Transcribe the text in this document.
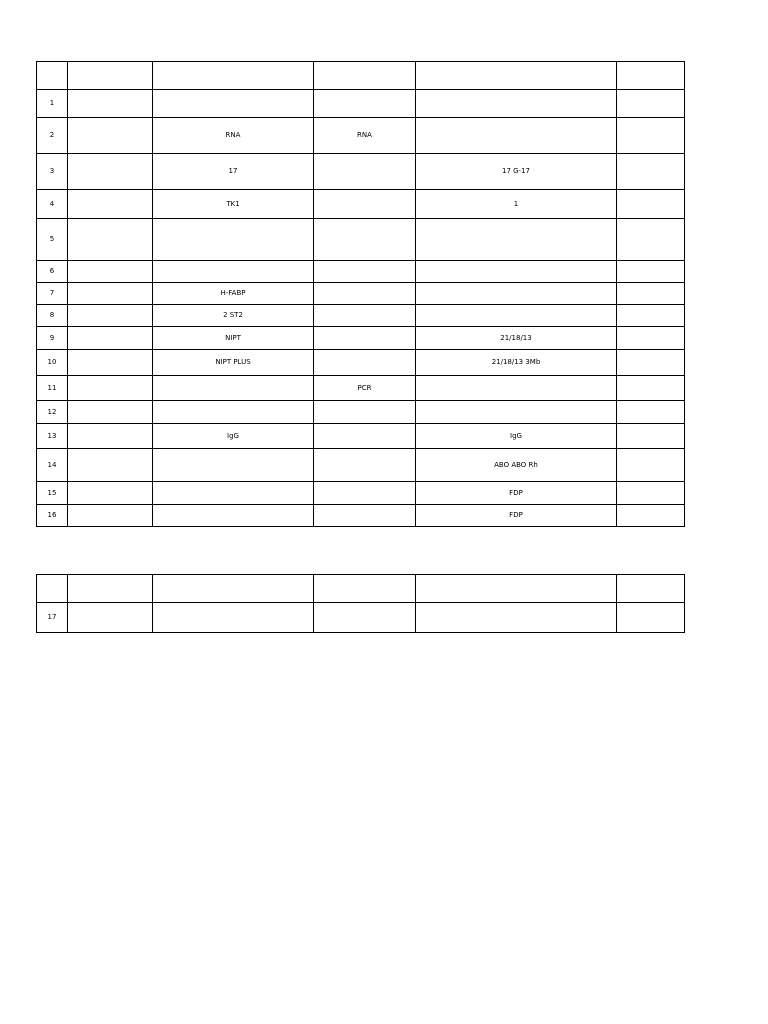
1					
2		RNA	RNA		
3		17		17 G-17	
4		TK1		1	
5					
6					
7		H-FABP			
8		2 ST2			
9		NIPT		21/18/13	
10		NIPT PLUS		21/18/13 3Mb	
11			PCR		
12					
13		IgG		IgG	
14				ABO ABO Rh	
15				FDP	
16				FDP	

17					
